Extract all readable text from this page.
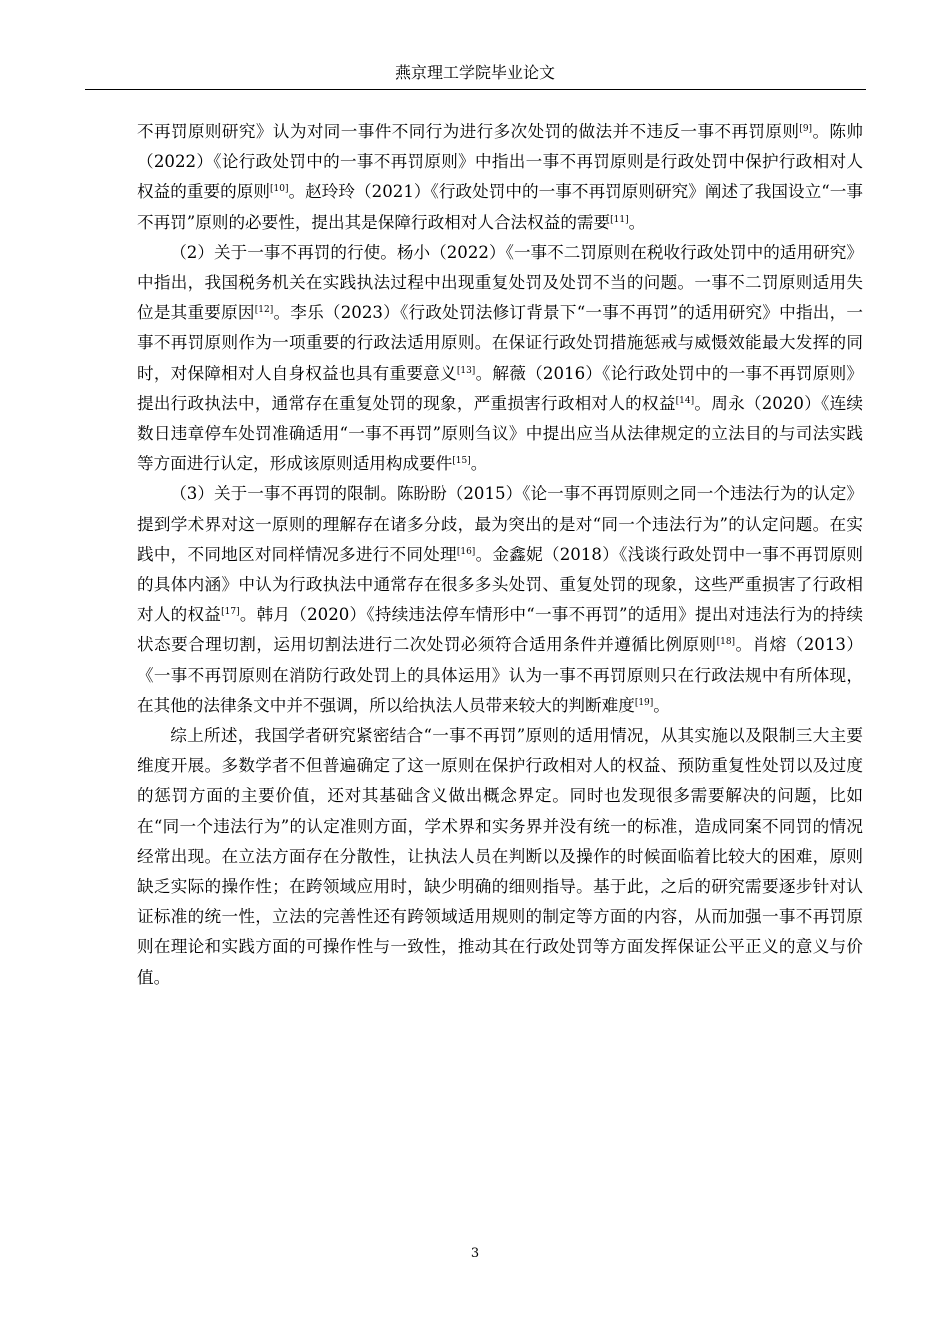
燕京理工学院毕业论文

不再罚原则研究》认为对同一事件不同行为进行多次处罚的做法并不违反一事不再罚原则[9]。陈帅（2022）《论行政处罚中的一事不再罚原则》中指出一事不再罚原则是行政处罚中保护行政相对人权益的重要的原则[10]。赵玲玲（2021）《行政处罚中的一事不再罚原则研究》阐述了我国设立“一事不再罚”原则的必要性，提出其是保障行政相对人合法权益的需要[11]。

（2）关于一事不再罚的行使。杨小（2022）《一事不二罚原则在税收行政处罚中的适用研究》中指出，我国税务机关在实践执法过程中出现重复处罚及处罚不当的问题。一事不二罚原则适用失位是其重要原因[12]。李乐（2023）《行政处罚法修订背景下“一事不再罚”的适用研究》中指出，一事不再罚原则作为一项重要的行政法适用原则。在保证行政处罚措施惩戒与威慑效能最大发挥的同时，对保障相对人自身权益也具有重要意义[13]。解薇（2016）《论行政处罚中的一事不再罚原则》提出行政执法中，通常存在重复处罚的现象，严重损害行政相对人的权益[14]。周永（2020）《连续数日违章停车处罚准确适用“一事不再罚”原则刍议》中提出应当从法律规定的立法目的与司法实践等方面进行认定，形成该原则适用构成要件[15]。

（3）关于一事不再罚的限制。陈盼盼（2015）《论一事不再罚原则之同一个违法行为的认定》提到学术界对这一原则的理解存在诸多分歧，最为突出的是对“同一个违法行为”的认定问题。在实践中，不同地区对同样情况多进行不同处理[16]。金鑫妮（2018）《浅谈行政处罚中一事不再罚原则的具体内涵》中认为行政执法中通常存在很多多头处罚、重复处罚的现象，这些严重损害了行政相对人的权益[17]。韩月（2020）《持续违法停车情形中“一事不再罚”的适用》提出对违法行为的持续状态要合理切割，运用切割法进行二次处罚必须符合适用条件并遵循比例原则[18]。肖熔（2013）《一事不再罚原则在消防行政处罚上的具体运用》认为一事不再罚原则只在行政法规中有所体现，在其他的法律条文中并不强调，所以给执法人员带来较大的判断难度[19]。

综上所述，我国学者研究紧密结合“一事不再罚”原则的适用情况，从其实施以及限制三大主要维度开展。多数学者不但普遍确定了这一原则在保护行政相对人的权益、预防重复性处罚以及过度的惩罚方面的主要价值，还对其基础含义做出概念界定。同时也发现很多需要解决的问题，比如在“同一个违法行为”的认定准则方面，学术界和实务界并没有统一的标准，造成同案不同罚的情况经常出现。在立法方面存在分散性，让执法人员在判断以及操作的时候面临着比较大的困难，原则缺乏实际的操作性；在跨领域应用时，缺少明确的细则指导。基于此，之后的研究需要逐步针对认证标准的统一性，立法的完善性还有跨领域适用规则的制定等方面的内容，从而加强一事不再罚原则在理论和实践方面的可操作性与一致性，推动其在行政处罚等方面发挥保证公平正义的意义与价值。

3
